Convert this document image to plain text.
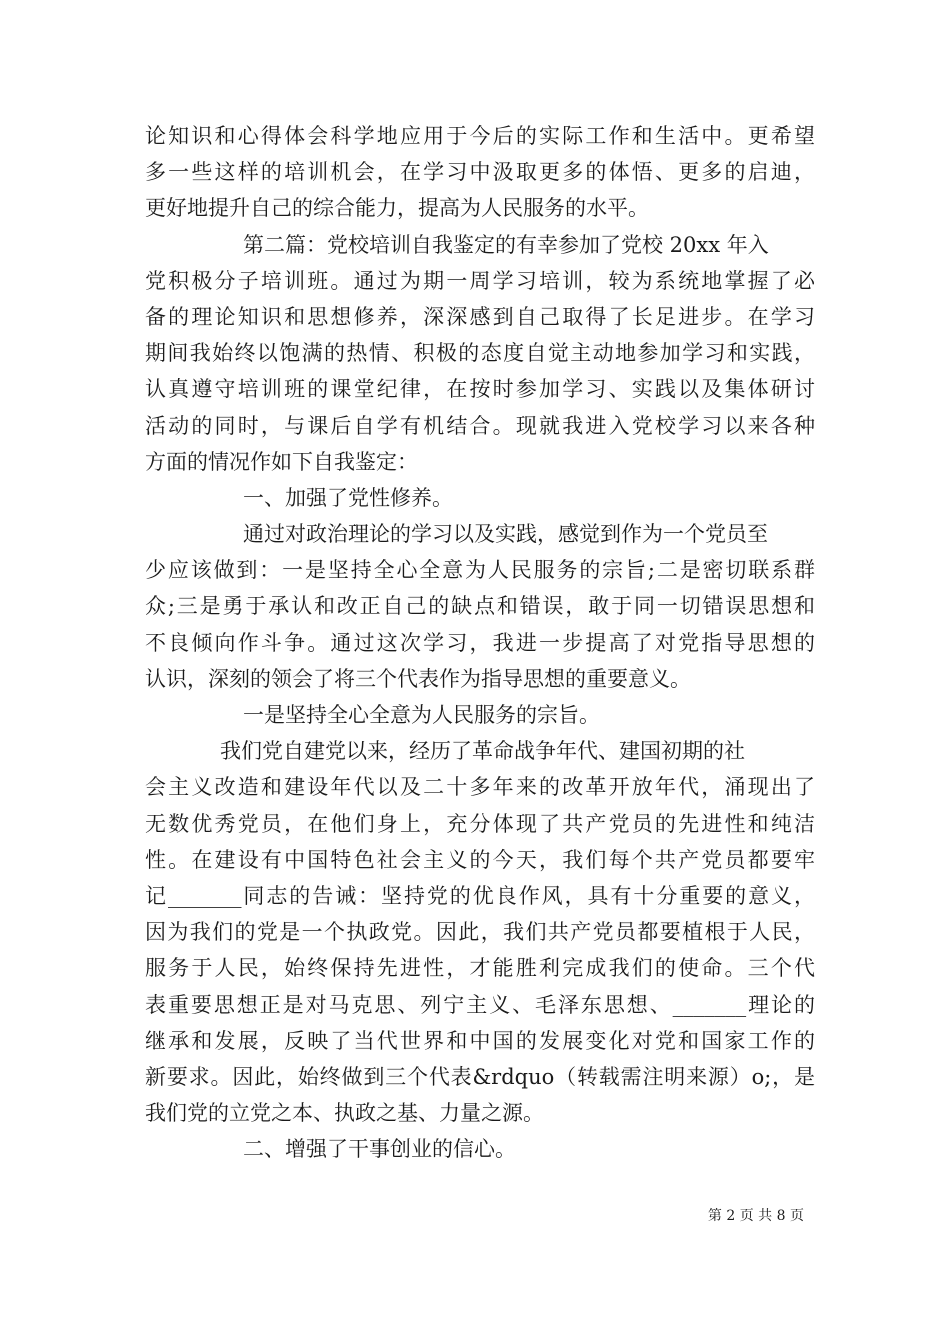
论知识和心得体会科学地应用于今后的实际工作和生活中。更希望
多一些这样的培训机会，在学习中汲取更多的体悟、更多的启迪，
更好地提升自己的综合能力，提高为人民服务的水平。
第二篇：党校培训自我鉴定的有幸参加了党校 20xx 年入
党积极分子培训班。通过为期一周学习培训，较为系统地掌握了必
备的理论知识和思想修养，深深感到自己取得了长足进步。在学习
期间我始终以饱满的热情、积极的态度自觉主动地参加学习和实践，
认真遵守培训班的课堂纪律，在按时参加学习、实践以及集体研讨
活动的同时，与课后自学有机结合。现就我进入党校学习以来各种
方面的情况作如下自我鉴定：
一、加强了党性修养。
通过对政治理论的学习以及实践，感觉到作为一个党员至
少应该做到：一是坚持全心全意为人民服务的宗旨;二是密切联系群
众;三是勇于承认和改正自己的缺点和错误，敢于同一切错误思想和
不良倾向作斗争。通过这次学习，我进一步提高了对党指导思想的
认识，深刻的领会了将三个代表作为指导思想的重要意义。
一是坚持全心全意为人民服务的宗旨。
我们党自建党以来，经历了革命战争年代、建国初期的社
会主义改造和建设年代以及二十多年来的改革开放年代，涌现出了
无数优秀党员，在他们身上，充分体现了共产党员的先进性和纯洁
性。在建设有中国特色社会主义的今天，我们每个共产党员都要牢
记_______同志的告诫：坚持党的优良作风，具有十分重要的意义，
因为我们的党是一个执政党。因此，我们共产党员都要植根于人民，
服务于人民，始终保持先进性，才能胜利完成我们的使命。三个代
表重要思想正是对马克思、列宁主义、毛泽东思想、_______理论的
继承和发展，反映了当代世界和中国的发展变化对党和国家工作的
新要求。因此，始终做到三个代表&rdquo（转载需注明来源）o;，是
我们党的立党之本、执政之基、力量之源。
二、增强了干事创业的信心。
第 2 页 共 8 页
